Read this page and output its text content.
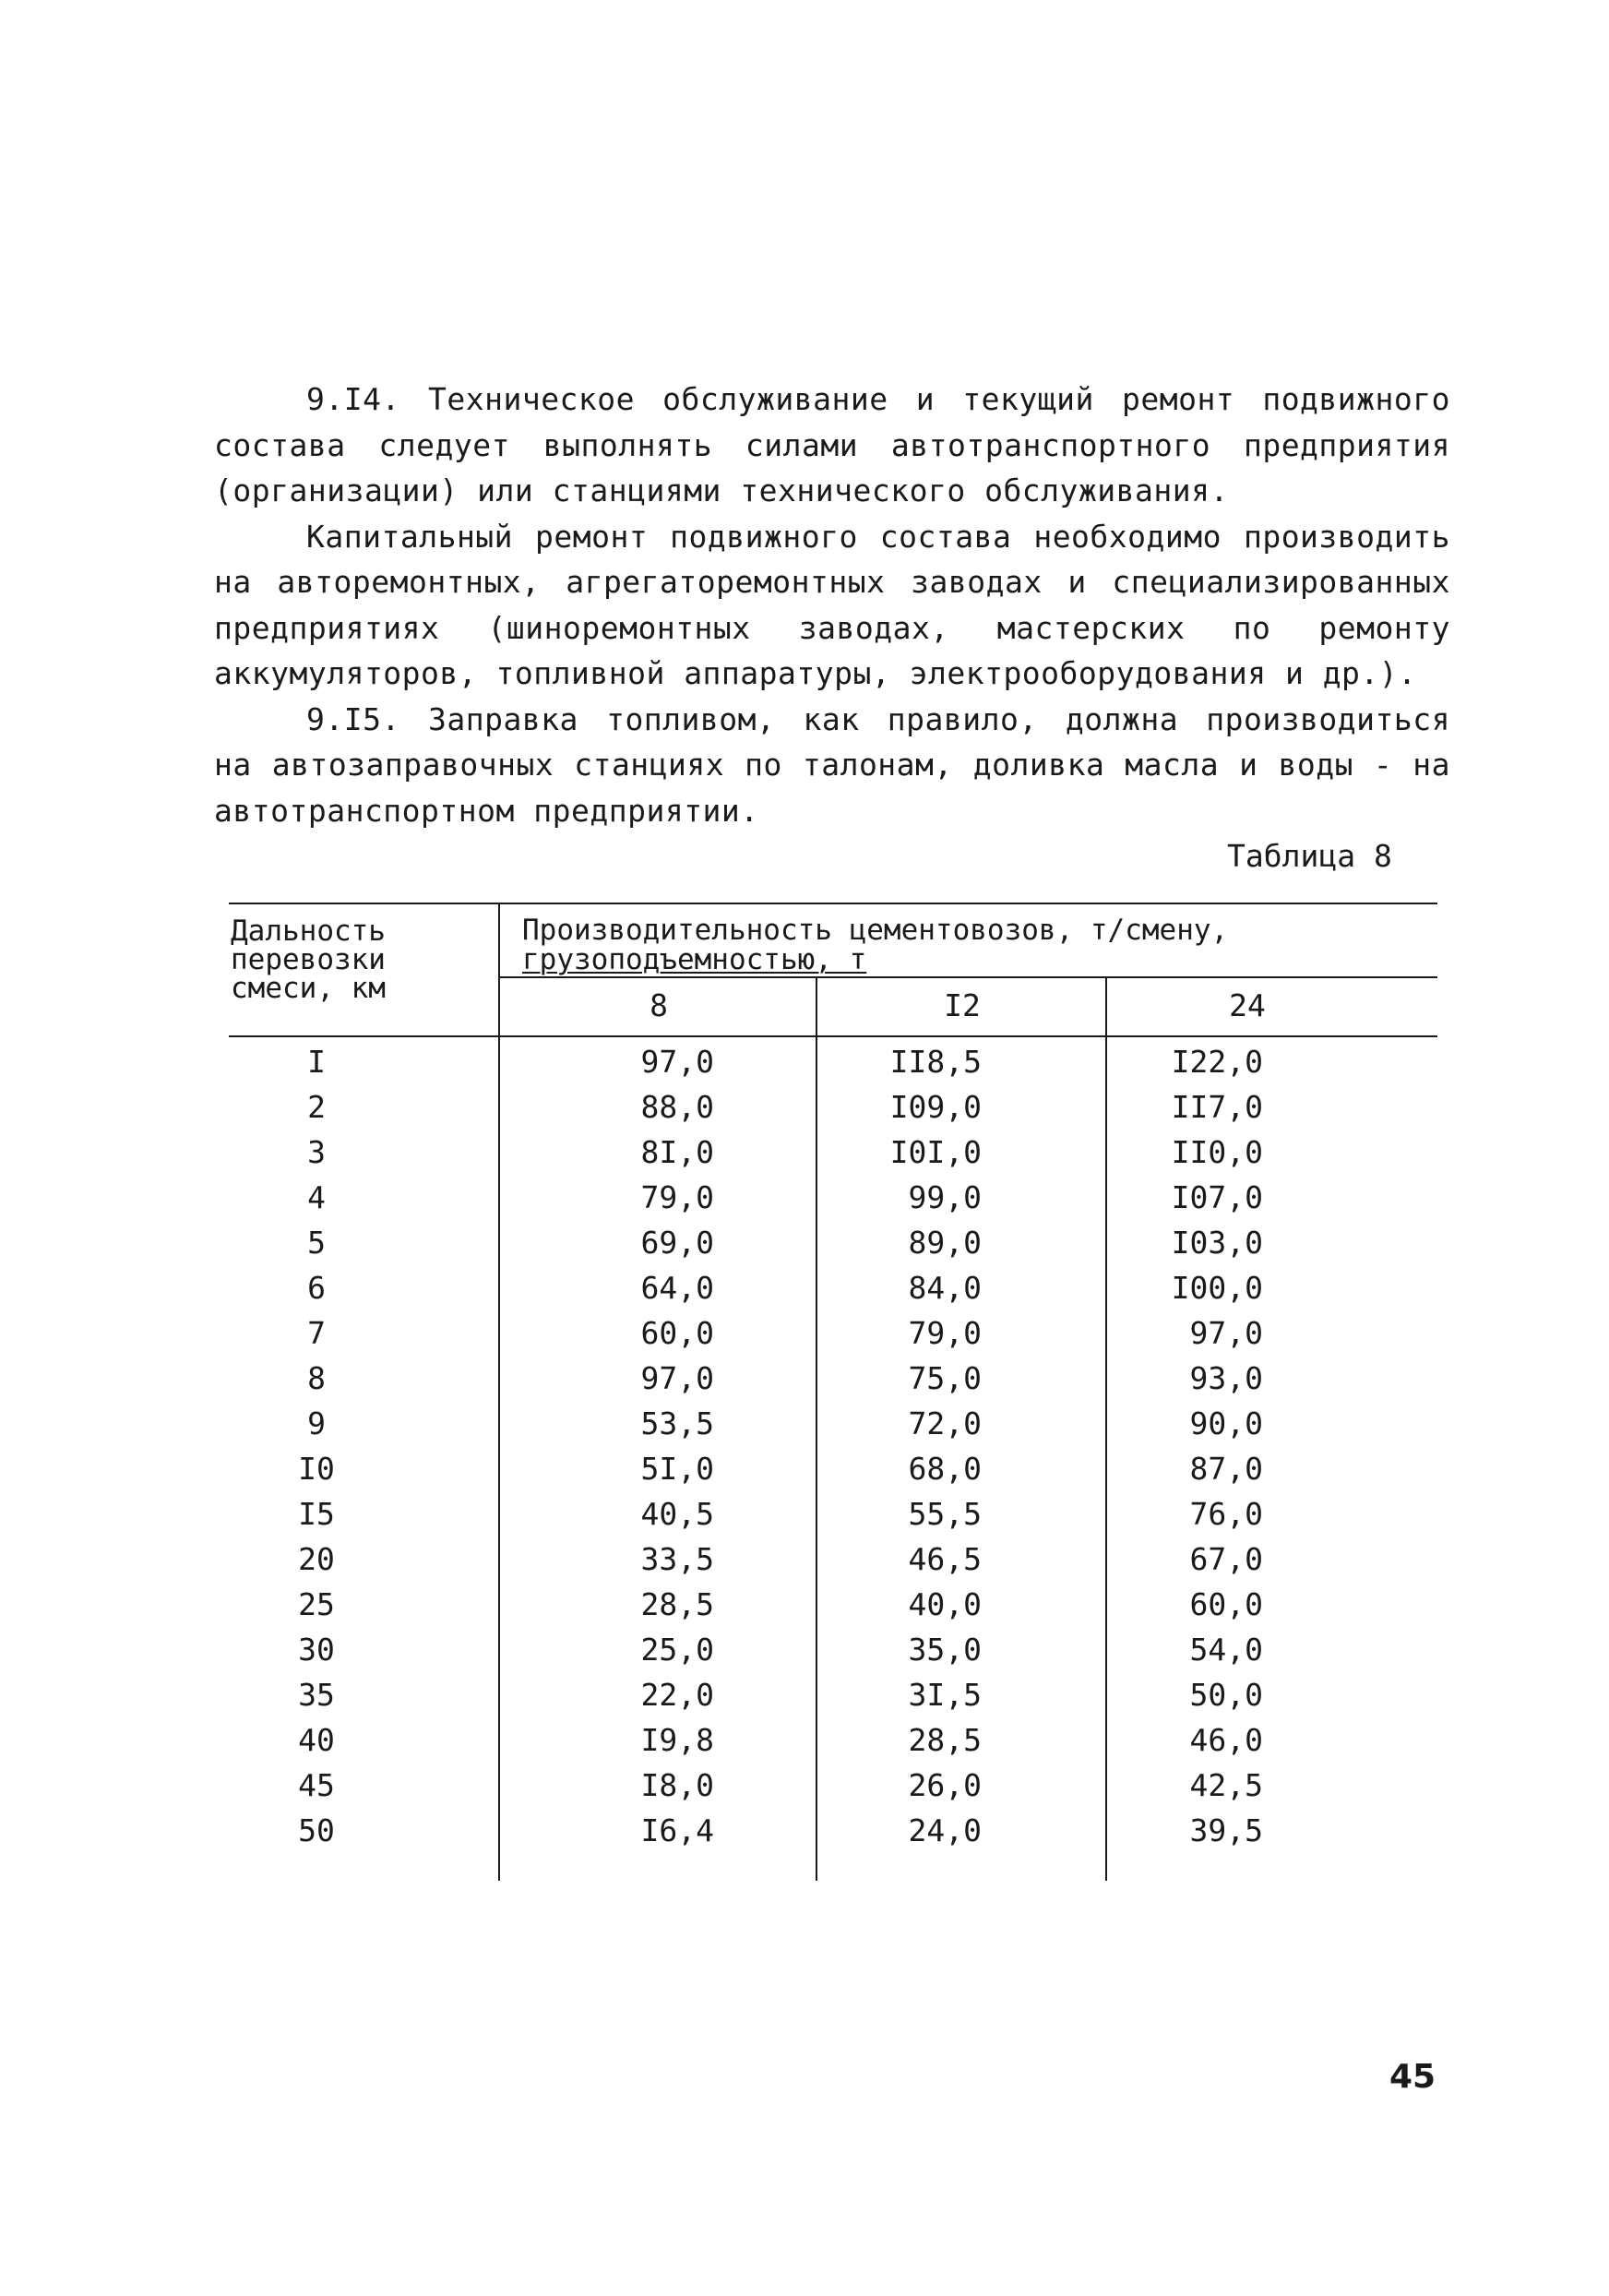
9.I4. Техническое обслуживание и текущий ремонт подвижного состава следует выполнять силами автотранспортного предприятия (организации) или станциями технического обслуживания.

Капитальный ремонт подвижного состава необходимо производить на авторемонтных, агрегаторемонтных заводах и специализированных предприятиях (шиноремонтных заводах, мастерских по ремонту аккумуляторов, топливной аппаратуры, электрооборудования и др.).

9.I5. Заправка топливом, как правило, должна производиться на автозаправочных станциях по талонам, доливка масла и воды - на автотранспортном предприятии.

Таблица 8
Дальность перевозки смеси, км
Производительность цементовозов, т/смену,
грузоподъемностью, т
8	I2	24
I	97,0	II8,5	I22,0
2	88,0	I09,0	II7,0
3	8I,0	I0I,0	II0,0
4	79,0	99,0	I07,0
5	69,0	89,0	I03,0
6	64,0	84,0	I00,0
7	60,0	79,0	97,0
8	97,0	75,0	93,0
9	53,5	72,0	90,0
I0	5I,0	68,0	87,0
I5	40,5	55,5	76,0
20	33,5	46,5	67,0
25	28,5	40,0	60,0
30	25,0	35,0	54,0
35	22,0	3I,5	50,0
40	I9,8	28,5	46,0
45	I8,0	26,0	42,5
50	I6,4	24,0	39,5
45
